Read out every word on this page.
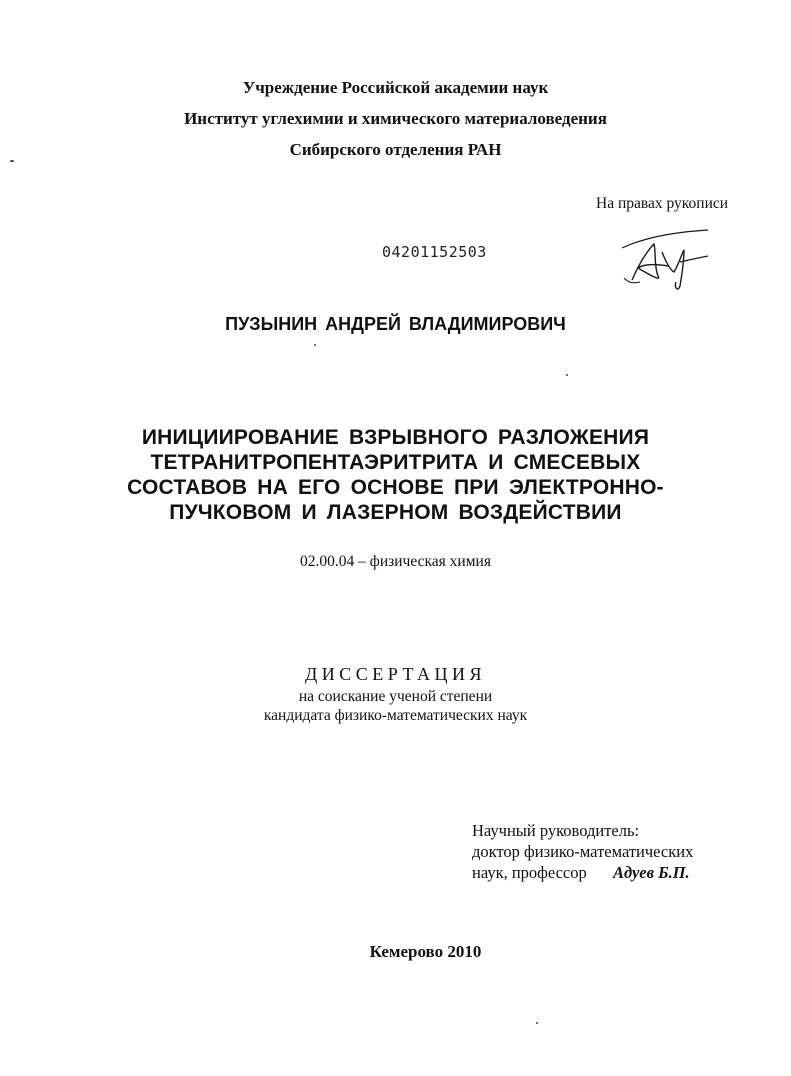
Учреждение Российской академии наук
Институт углехимии и химического материаловедения
Сибирского отделения РАН
На правах рукописи
04201152503
ПУЗЫНИН АНДРЕЙ ВЛАДИМИРОВИЧ
ИНИЦИИРОВАНИЕ ВЗРЫВНОГО РАЗЛОЖЕНИЯ
ТЕТРАНИТРОПЕНТАЭРИТРИТА И СМЕСЕВЫХ
СОСТАВОВ НА ЕГО ОСНОВЕ ПРИ ЭЛЕКТРОННО-
ПУЧКОВОМ И ЛАЗЕРНОМ ВОЗДЕЙСТВИИ
02.00.04 – физическая химия
ДИССЕРТАЦИЯ
на соискание ученой степени
кандидата физико-математических наук
Научный руководитель:
доктор физико-математических
наук, профессор Адуев Б.П.
Кемерово 2010
